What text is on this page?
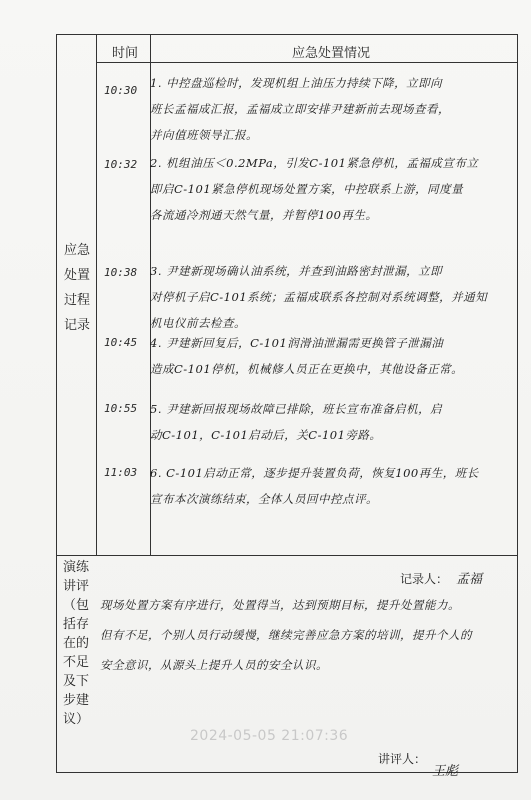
时间	应急处置情况
应急
处置
过程
记录
10:30
10:32
10:38
10:45
10:55
11:03
1. 中控盘巡检时，发现机组上油压力持续下降，立即向
班长孟福成汇报，孟福成立即安排尹建新前去现场查看，
并向值班领导汇报。
2. 机组油压＜0.2MPa，引发C-101紧急停机，孟福成宣布立
即启C-101紧急停机现场处置方案，中控联系上游，同度量
各流通冷剂通天然气量，并暂停100再生。
3. 尹建新现场确认油系统，并查到油路密封泄漏，立即
对停机子启C-101系统；孟福成联系各控制对系统调整，并通知
机电仪前去检查。
4. 尹建新回复后，C-101润滑油泄漏需更换管子泄漏油
造成C-101停机，机械修人员正在更换中，其他设备正常。
5. 尹建新回报现场故障已排除，班长宣布准备启机，启
动C-101，C-101启动后，关C-101旁路。
6. C-101启动正常，逐步提升装置负荷，恢复100再生，班长
宣布本次演练结束，全体人员回中控点评。
记录人： 孟福
演练
讲评
（包
括存
在的
不足
及下
步建
议）
现场处置方案有序进行，处置得当，达到预期目标，提升处置能力。
但有不足，个别人员行动缓慢，继续完善应急方案的培训，提升个人的
安全意识，从源头上提升人员的安全认识。
2024-05-05 21:07:36
讲评人：
王彪
